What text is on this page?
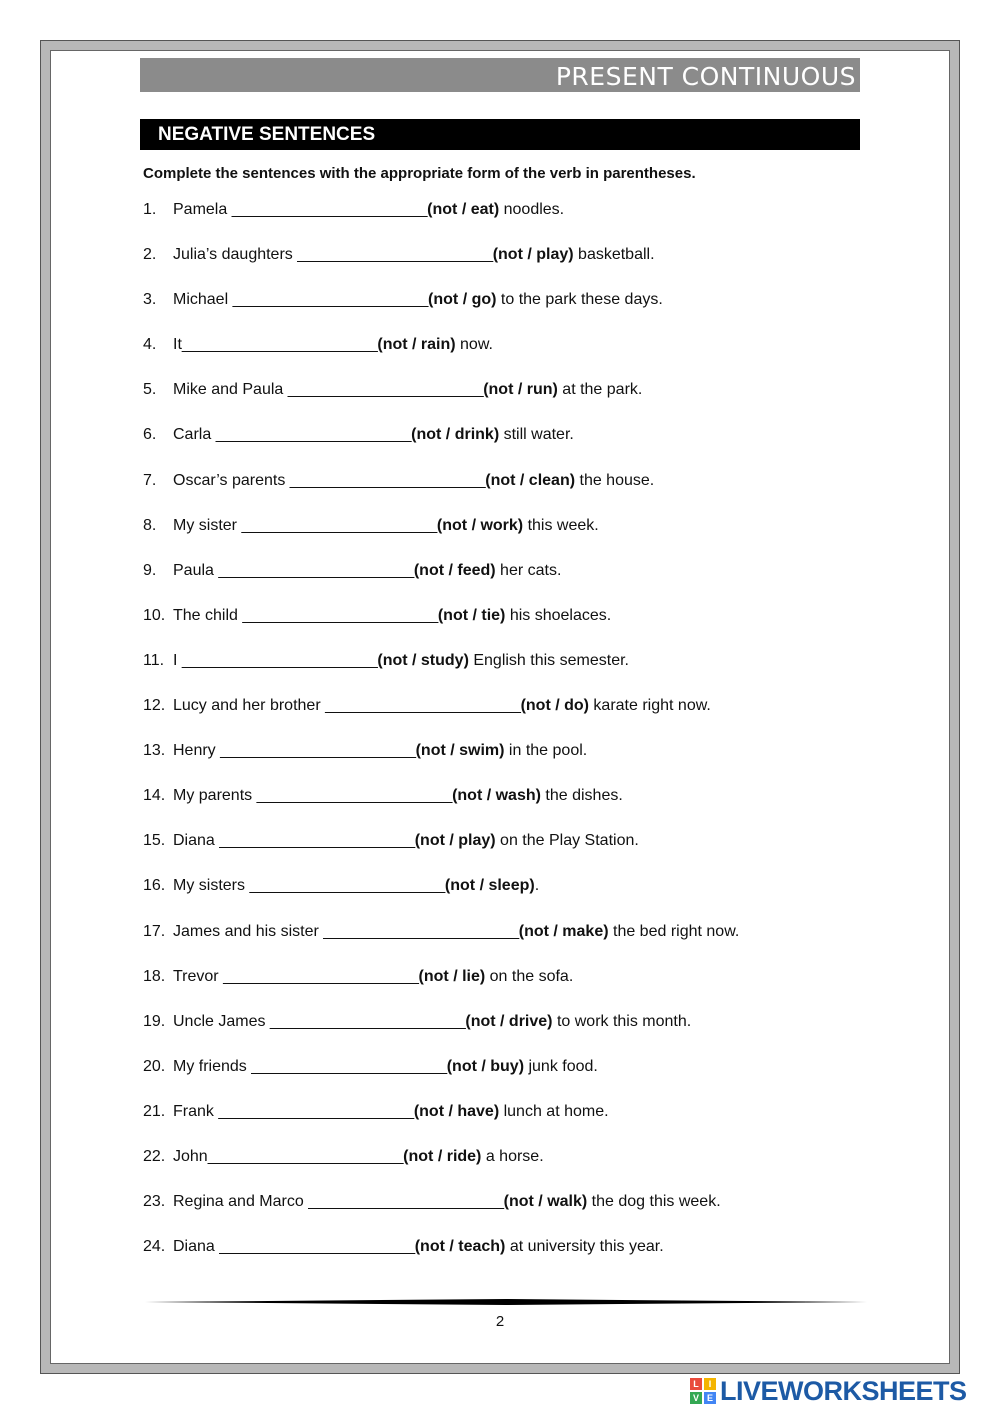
PRESENT CONTINUOUS
NEGATIVE SENTENCES
Complete the sentences with the appropriate form of the verb in parentheses.
1.	Pamela _______________________ (not / eat) noodles.
2.	Julia’s daughters _______________________ (not / play) basketball.
3.	Michael _______________________ (not / go) to the park these days.
4.	It _______________________ (not / rain) now.
5.	Mike and Paula _______________________ (not / run) at the park.
6.	Carla _______________________ (not / drink) still water.
7.	Oscar’s parents _______________________ (not / clean) the house.
8.	My sister _______________________ (not / work) this week.
9.	Paula _______________________ (not / feed) her cats.
10. The child _______________________ (not / tie) his shoelaces.
11. I _______________________ (not / study) English this semester.
12. Lucy and her brother _______________________ (not / do) karate right now.
13. Henry _______________________ (not / swim) in the pool.
14. My parents _______________________ (not / wash) the dishes.
15. Diana _______________________ (not / play) on the Play Station.
16. My sisters _______________________ (not / sleep) .
17. James and his sister _______________________ (not / make) the bed right now.
18. Trevor _______________________ (not / lie) on the sofa.
19. Uncle James _______________________ (not / drive) to work this month.
20. My friends _______________________ (not / buy) junk food.
21. Frank _______________________ (not / have) lunch at home.
22. John _______________________ (not / ride) a horse.
23. Regina and Marco _______________________ (not / walk) the dog this week.
24. Diana _______________________ (not / teach) at university this year.
2
L	I
V E LIVEWORKSHEETS
